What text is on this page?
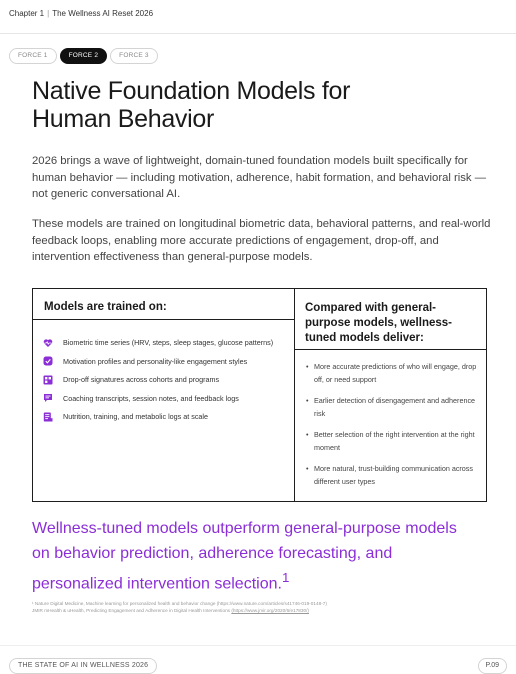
Chapter 1 | The Wellness AI Reset 2026
FORCE 1	FORCE 2	FORCE 3
Native Foundation Models for
Human Behavior

2026 brings a wave of lightweight, domain-tuned foundation models built specifically for human behavior — including motivation, adherence, habit formation, and behavioral risk — not generic conversational AI.

These models are trained on longitudinal biometric data, behavioral patterns, and real-world feedback loops, enabling more accurate predictions of engagement, drop-off, and intervention effectiveness than general-purpose models.

Models are trained on:
Biometric time series (HRV, steps, sleep stages, glucose patterns)
Motivation profiles and personality-like engagement styles
Drop-off signatures across cohorts and programs
Coaching transcripts, session notes, and feedback logs
Nutrition, training, and metabolic logs at scale
Compared with general-purpose models, wellness-tuned models deliver:
• More accurate predictions of who will engage, drop off, or need support
• Earlier detection of disengagement and adherence risk
• Better selection of the right intervention at the right moment
• More natural, trust-building communication across different user types

Wellness-tuned models outperform general-purpose models on behavior prediction, adherence forecasting, and personalized intervention selection.$^1$

¹ Nature Digital Medicine, Machine learning for personalized health and behavior change (https://www.nature.com/articles/s41746-019-0148-7)
JMIR mHealth & uHealth, Predicting Engagement and Adherence in Digital Health Interventions (https://www.jmir.org/2020/6/e17830/)
THE STATE OF AI IN WELLNESS 2026	P.09
